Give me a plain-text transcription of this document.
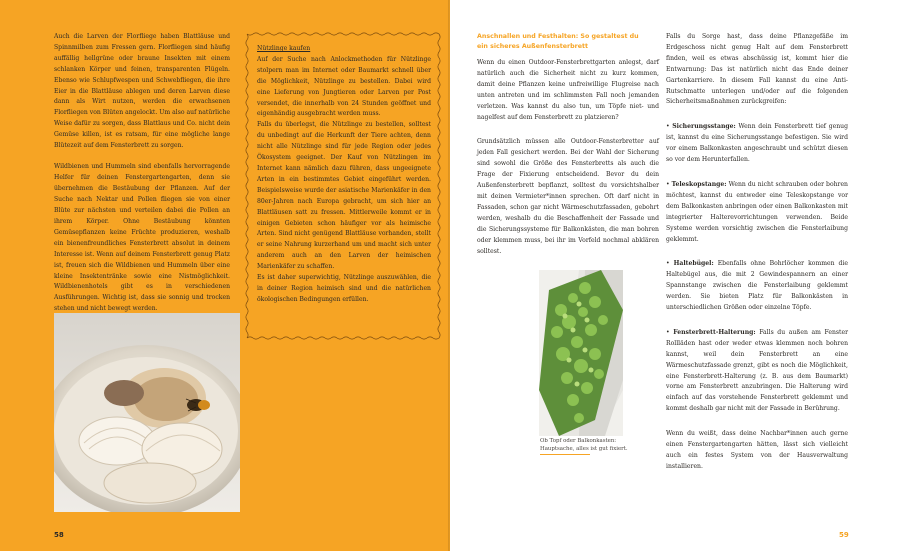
Auch die Larven der Florfliege haben Blattläuse und Spinnmilben zum Fressen gern. Florfliegen sind häufig auffällig hellgrüne oder braune Insekten mit einem schlanken Körper und feinen, transparenten Flügeln. Ebenso wie Schlupfwespen und Schwebfliegen, die ihre Eier in die Blattläuse ablegen und deren Larven diese dann als Wirt nutzen, werden die erwachsenen Florfliegen von Blüten angelockt. Um also auf natürliche Weise dafür zu sorgen, dass Blattlaus und Co. nicht dein Gemüse killen, ist es ratsam, für eine mögliche lange Blütezeit auf dem Fensterbrett zu sorgen.

Wildbienen und Hummeln sind ebenfalls hervorragende Helfer für deinen Fenstergartengarten, denn sie übernehmen die Bestäubung der Pflanzen. Auf der Suche nach Nektar und Pollen fliegen sie von einer Blüte zur nächsten und verteilen dabei die Pollen an ihrem Körper. Ohne Bestäubung könnten Gemüsepflanzen keine Früchte produzieren, weshalb ein bienenfreundliches Fensterbrett absolut in deinem Interesse ist. Wenn auf deinem Fensterbrett genug Platz ist, freuen sich die Wildbienen und Hummeln über eine kleine Insektentränke sowie eine Nistmöglichkeit. Wildbienenhotels gibt es in verschiedenen Ausführungen. Wichtig ist, dass sie sonnig und trocken stehen und nicht bewegt werden.

Nützlinge kaufen

Auf der Suche nach Anlockmethoden für Nützlinge stolpern man im Internet oder Baumarkt schnell über die Möglichkeit, Nützlinge zu bestellen. Dabei wird eine Lieferung von Jungtieren oder Larven per Post versendet, die innerhalb von 24 Stunden geöffnet und eigenhändig ausgebracht werden muss.

Falls du überlegst, die Nützlinge zu bestellen, solltest du unbedingt auf die Herkunft der Tiere achten, denn nicht alle Nützlinge sind für jede Region oder jedes Ökosystem geeignet. Der Kauf von Nützlingen im Internet kann nämlich dazu führen, dass ungeeignete Arten in ein bestimmtes Gebiet eingeführt werden. Beispielsweise wurde der asiatische Marienkäfer in den 80er-Jahren nach Europa gebracht, um sich hier an Blattläusen satt zu fressen. Mittlerweile kommt er in einigen Gebieten schon häufiger vor als heimische Arten. Sind nicht genügend Blattläuse vorhanden, stellt er seine Nahrung kurzerhand um und macht sich unter anderem auch an den Larven der heimischen Marienkäfer zu schaffen.

Es ist daher superwichtig, Nützlinge auszuwählen, die in deiner Region heimisch sind und die natürlichen ökologischen Bedingungen erfüllen.

58
Anschnallen und Festhalten: So gestaltest du ein sicheres Außenfensterbrett

Wenn du einen Outdoor-Fensterbrettgarten anlegst, darf natürlich auch die Sicherheit nicht zu kurz kommen, damit deine Pflanzen keine unfreiwillige Flugreise nach unten antreten und im schlimmsten Fall noch jemanden verletzen. Was kannst du also tun, um Töpfe niet- und nagelfest auf dem Fensterbrett zu platzieren?

Grundsätzlich müssen alle Outdoor-Fensterbretter auf jeden Fall gesichert werden. Bei der Wahl der Sicherung sind sowohl die Größe des Fensterbretts als auch die Frage der Fixierung entscheidend. Bevor du dein Außenfensterbrett bepflanzt, solltest du vorsichtshalber mit deinen Vermieter*innen sprechen. Oft darf nicht in Fassaden, schon gar nicht Wärmeschutzfassaden, gebohrt werden, weshalb du die Beschaffenheit der Fassade und die Sicherungssysteme für Balkonkästen, die man bohren oder klemmen muss, bei ihr im Vorfeld nochmal abklären solltest.

Ob Topf oder Balkonkasten: Hauptsache, alles ist gut fixiert.

Falls du Sorge hast, dass deine Pflanzgefäße im Erdgeschoss nicht genug Halt auf dem Fensterbrett finden, weil es etwas abschüssig ist, kommt hier die Entwarnung: Das ist natürlich nicht das Ende deiner Gartenkarriere. In diesem Fall kannst du eine Anti-Rutschmatte unterlegen und/oder auf die folgenden Sicherheitsmaßnahmen zurückgreifen:

• Sicherungsstange: Wenn dein Fensterbrett tief genug ist, kannst du eine Sicherungsstange befestigen. Sie wird vor einem Balkonkasten angeschraubt und schützt diesen so vor dem Herunterfallen.

• Teleskopstange: Wenn du nicht schrauben oder bohren möchtest, kannst du entweder eine Teleskopstange vor dem Balkonkasten anbringen oder einen Balkonkasten mit integrierter Halterevorrichtungen verwenden. Beide Systeme werden vorsichtig zwischen die Fensterlaibung geklemmt.

• Haltebügel: Ebenfalls ohne Bohrlöcher kommen die Haltebügel aus, die mit 2 Gewindespannern an einer Spannstange zwischen die Fensterlaibung geklemmt werden. Sie bieten Platz für Balkonkästen in unterschiedlichen Größen oder einzelne Töpfe.

• Fensterbrett-Halterung: Falls du außen am Fenster Rollläden hast oder weder etwas klemmen noch bohren kannst, weil dein Fensterbrett an eine Wärmeschutzfassade grenzt, gibt es noch die Möglichkeit, eine Fensterbrett-Halterung (z. B. aus dem Baumarkt) vorne am Fensterbrett anzubringen. Die Halterung wird einfach auf das vorstehende Fensterbrett geklemmt und kommt deshalb gar nicht mit der Fassade in Berührung.

Wenn du weißt, dass deine Nachbar*innen auch gerne einen Fenstergartengarten hätten, lässt sich vielleicht auch ein festes System von der Hausverwaltung installieren.

59
